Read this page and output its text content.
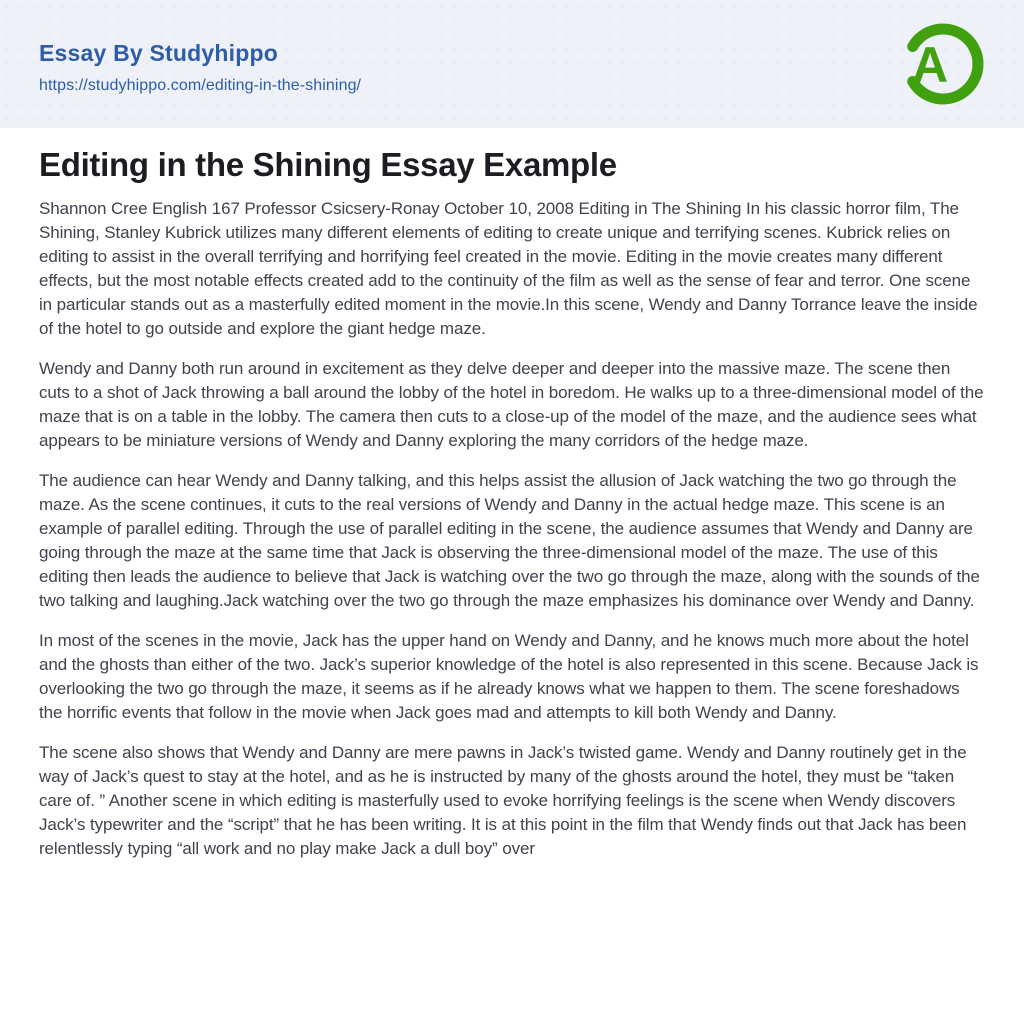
Essay By Studyhippo
https://studyhippo.com/editing-in-the-shining/	A
Editing in the Shining Essay Example

Shannon Cree English 167 Professor Csicsery-Ronay October 10, 2008 Editing in The Shining In his classic horror film, The Shining, Stanley Kubrick utilizes many different elements of editing to create unique and terrifying scenes. Kubrick relies on editing to assist in the overall terrifying and horrifying feel created in the movie. Editing in the movie creates many different effects, but the most notable effects created add to the continuity of the film as well as the sense of fear and terror. One scene in particular stands out as a masterfully edited moment in the movie.In this scene, Wendy and Danny Torrance leave the inside of the hotel to go outside and explore the giant hedge maze.

Wendy and Danny both run around in excitement as they delve deeper and deeper into the massive maze. The scene then cuts to a shot of Jack throwing a ball around the lobby of the hotel in boredom. He walks up to a three-dimensional model of the maze that is on a table in the lobby. The camera then cuts to a close-up of the model of the maze, and the audience sees what appears to be miniature versions of Wendy and Danny exploring the many corridors of the hedge maze.

The audience can hear Wendy and Danny talking, and this helps assist the allusion of Jack watching the two go through the maze. As the scene continues, it cuts to the real versions of Wendy and Danny in the actual hedge maze. This scene is an example of parallel editing. Through the use of parallel editing in the scene, the audience assumes that Wendy and Danny are going through the maze at the same time that Jack is observing the three-dimensional model of the maze. The use of this editing then leads the audience to believe that Jack is watching over the two go through the maze, along with the sounds of the two talking and laughing.Jack watching over the two go through the maze emphasizes his dominance over Wendy and Danny.

In most of the scenes in the movie, Jack has the upper hand on Wendy and Danny, and he knows much more about the hotel and the ghosts than either of the two. Jack’s superior knowledge of the hotel is also represented in this scene. Because Jack is overlooking the two go through the maze, it seems as if he already knows what we happen to them. The scene foreshadows the horrific events that follow in the movie when Jack goes mad and attempts to kill both Wendy and Danny.

The scene also shows that Wendy and Danny are mere pawns in Jack’s twisted game. Wendy and Danny routinely get in the way of Jack’s quest to stay at the hotel, and as he is instructed by many of the ghosts around the hotel, they must be “taken care of. ” Another scene in which editing is masterfully used to evoke horrifying feelings is the scene when Wendy discovers Jack’s typewriter and the “script” that he has been writing. It is at this point in the film that Wendy finds out that Jack has been relentlessly typing “all work and no play make Jack a dull boy” over
